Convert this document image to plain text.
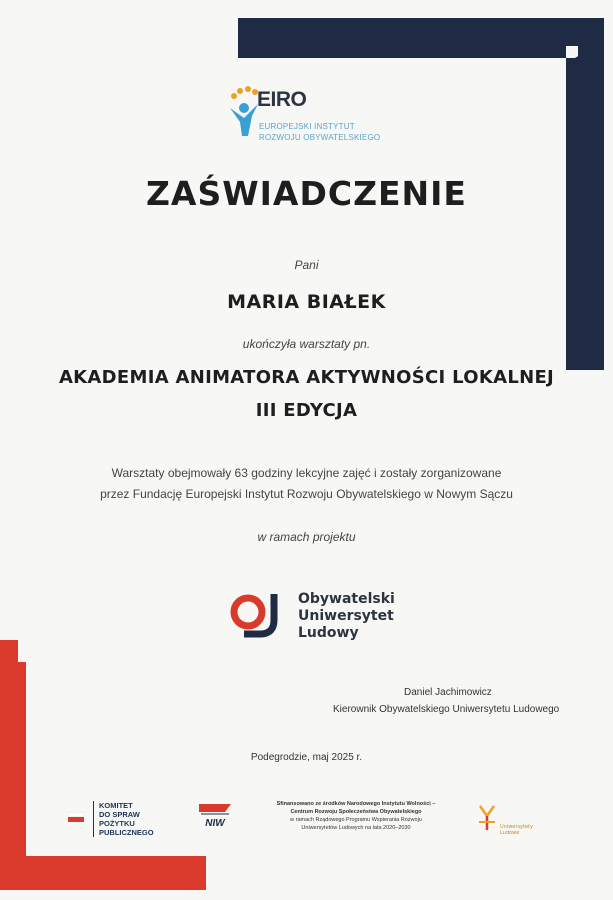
EIRO
EUROPEJSKI INSTYTUT
ROZWOJU OBYWATELSKIEGO
ZAŚWIADCZENIE
Pani
MARIA BIAŁEK
ukończyła warsztaty pn.
AKADEMIA ANIMATORA AKTYWNOŚCI LOKALNEJ
III EDYCJA
Warsztaty obejmowały 63 godziny lekcyjne zajęć i zostały zorganizowane
przez Fundację Europejski Instytut Rozwoju Obywatelskiego w Nowym Sączu
w ramach projektu
Obywatelski
Uniwersytet
Ludowy
Daniel Jachimowicz
Kierownik Obywatelskiego Uniwersytetu Ludowego
Podegrodzie, maj 2025 r.
KOMITET
DO SPRAW
POŻYTKU
PUBLICZNEGO
NIW
Sfinansowano ze środków Narodowego Instytutu Wolności –
Centrum Rozwoju Społeczeństwa Obywatelskiego
w ramach Rządowego Programu Wspierania Rozwoju
Uniwersytetów Ludowych na lata 2020–2030	Uniwersytety
Ludowe
